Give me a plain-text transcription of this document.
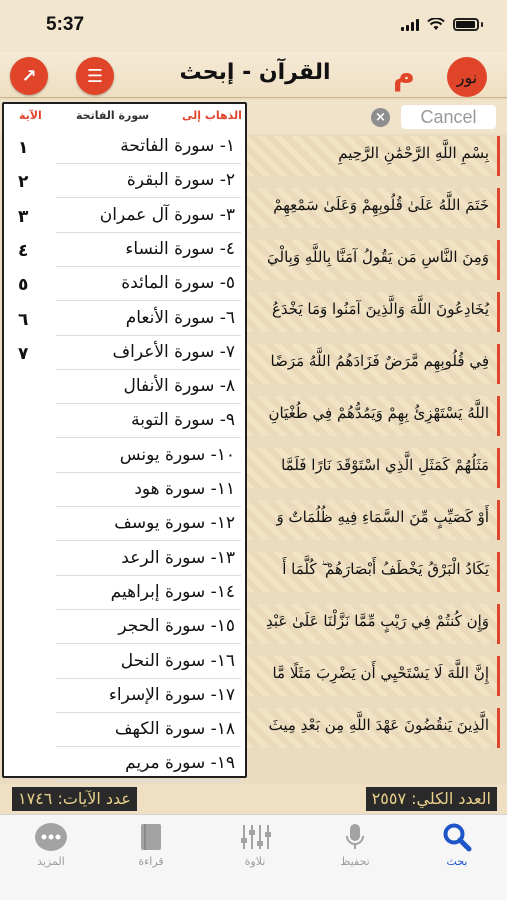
5:37
↗	☰	القرآن - إبحث	م	نور
×	Cancel
بِسْمِ اللَّهِ الرَّحْمَٰنِ الرَّحِيمِ
خَتَمَ اللَّهُ عَلَىٰ قُلُوبِهِمْ وَعَلَىٰ سَمْعِهِمْ
وَمِنَ النَّاسِ مَن يَقُولُ آمَنَّا بِاللَّهِ وَبِالْيَ
يُخَادِعُونَ اللَّهَ وَالَّذِينَ آمَنُوا وَمَا يَخْدَعُ
فِي قُلُوبِهِم مَّرَضٌ فَزَادَهُمُ اللَّهُ مَرَضًا
اللَّهُ يَسْتَهْزِئُ بِهِمْ وَيَمُدُّهُمْ فِي طُغْيَانِ
مَثَلُهُمْ كَمَثَلِ الَّذِي اسْتَوْقَدَ نَارًا فَلَمَّا
أَوْ كَصَيِّبٍ مِّنَ السَّمَاءِ فِيهِ ظُلُمَاتٌ وَ
يَكَادُ الْبَرْقُ يَخْطَفُ أَبْصَارَهُمْ ۖ كُلَّمَا أَ
وَإِن كُنتُمْ فِي رَيْبٍ مِّمَّا نَزَّلْنَا عَلَىٰ عَبْدِ
إِنَّ اللَّهَ لَا يَسْتَحْيِي أَن يَضْرِبَ مَثَلًا مَّا
الَّذِينَ يَنقُضُونَ عَهْدَ اللَّهِ مِن بَعْدِ مِيثَ
الآية	سورة الفاتحة	الذهاب إلى
١	١- سورة الفاتحة
٢	٢- سورة البقرة
٣	٣- سورة آل عمران
٤	٤- سورة النساء
٥	٥- سورة المائدة
٦	٦- سورة الأنعام
٧	٧- سورة الأعراف
٨- سورة الأنفال
٩- سورة التوبة
١٠- سورة يونس
١١- سورة هود
١٢- سورة يوسف
١٣- سورة الرعد
١٤- سورة إبراهيم
١٥- سورة الحجر
١٦- سورة النحل
١٧- سورة الإسراء
١٨- سورة الكهف
١٩- سورة مريم
عدد الآيات: ١٧٤٦	العدد الكلي: ٢٥٥٧
المزيد	قراءة	تلاوة	تحفيظ	بحث
